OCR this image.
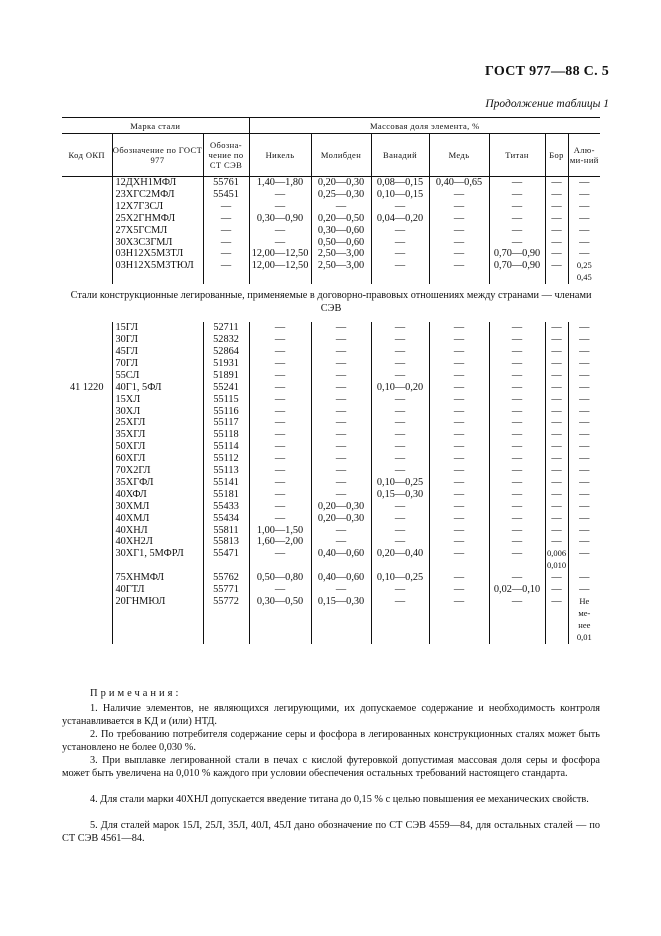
ГОСТ 977—88 С. 5
Продолжение таблицы 1
Марка стали			Массовая доля элемента, %						
Код ОКП	Обозначение по ГОСТ 977	Обозна-чение по СТ СЭВ	Никель	Молибден	Ванадий	Медь	Титан	Бор	Алю-ми-ний
	12ДХН1МФЛ	55761	1,40—1,80	0,20—0,30	0,08—0,15	0,40—0,65	—	—	—
	23ХГС2МФЛ	55451	—	0,25—0,30	0,10—0,15	—	—	—	—
	12Х7Г3СЛ	—	—	—	—	—	—	—	—
	25Х2ГНМФЛ	—	0,30—0,90	0,20—0,50	0,04—0,20	—	—	—	—
	27Х5ГСМЛ	—	—	0,30—0,60	—	—	—	—	—
	30Х3С3ГМЛ	—	—	0,50—0,60	—	—	—	—	—
	03Н12Х5М3ТЛ	—	12,00—12,50	2,50—3,00	—	—	0,70—0,90	—	—
	03Н12Х5М3ТЮЛ	—	12,00—12,50	2,50—3,00	—	—	0,70—0,90	—	0,25
									0,45
Стали конструкционные легированные, применяемые в договорно-правовых отношениях между странами — членами СЭВ									
41 1220	15ГЛ	52711	—	—	—	—	—	—	—
	30ГЛ	52832	—	—	—	—	—	—	—
	45ГЛ	52864	—	—	—	—	—	—	—
	70ГЛ	51931	—	—	—	—	—	—	—
	55СЛ	51891	—	—	—	—	—	—	—
	40Г1, 5ФЛ	55241	—	—	0,10—0,20	—	—	—	—
	15ХЛ	55115	—	—	—	—	—	—	—
	30ХЛ	55116	—	—	—	—	—	—	—
	25ХГЛ	55117	—	—	—	—	—	—	—
	35ХГЛ	55118	—	—	—	—	—	—	—
	50ХГЛ	55114	—	—	—	—	—	—	—
	60ХГЛ	55112	—	—	—	—	—	—	—
	70Х2ГЛ	55113	—	—	—	—	—	—	—
	35ХГФЛ	55141	—	—	0,10—0,25	—	—	—	—
	40ХФЛ	55181	—	—	0,15—0,30	—	—	—	—
	30ХМЛ	55433	—	0,20—0,30	—	—	—	—	—
	40ХМЛ	55434	—	0,20—0,30	—	—	—	—	—
	40ХНЛ	55811	1,00—1,50	—	—	—	—	—	—
	40ХН2Л	55813	1,60—2,00	—	—	—	—	—	—
	30ХГ1, 5МФРЛ	55471	—	0,40—0,60	0,20—0,40	—	—	0,006	—
								0,010	
	75ХНМФЛ	55762	0,50—0,80	0,40—0,60	0,10—0,25	—	—	—	—
	40ГТЛ	55771	—	—	—	—	0,02—0,10	—	—
	20ГНМЮЛ	55772	0,30—0,50	0,15—0,30	—	—	—	—	Не
									ме-
									нее
									0,01
Примечания:
1. Наличие элементов, не являющихся легирующими, их допускаемое содержание и необходимость контроля устанавливается в КД и (или) НТД.
2. По требованию потребителя содержание серы и фосфора в легированных конструкционных сталях может быть установлено не более 0,030 %.
3. При выплавке легированной стали в печах с кислой футеровкой допустимая массовая доля серы и фосфора может быть увеличена на 0,010 % каждого при условии обеспечения остальных требований настоящего стандарта.
4. Для стали марки 40ХНЛ допускается введение титана до 0,15 % с целью повышения ее механических свойств.
5. Для сталей марок 15Л, 25Л, 35Л, 40Л, 45Л дано обозначение по СТ СЭВ 4559—84, для остальных сталей — по СТ СЭВ 4561—84.
